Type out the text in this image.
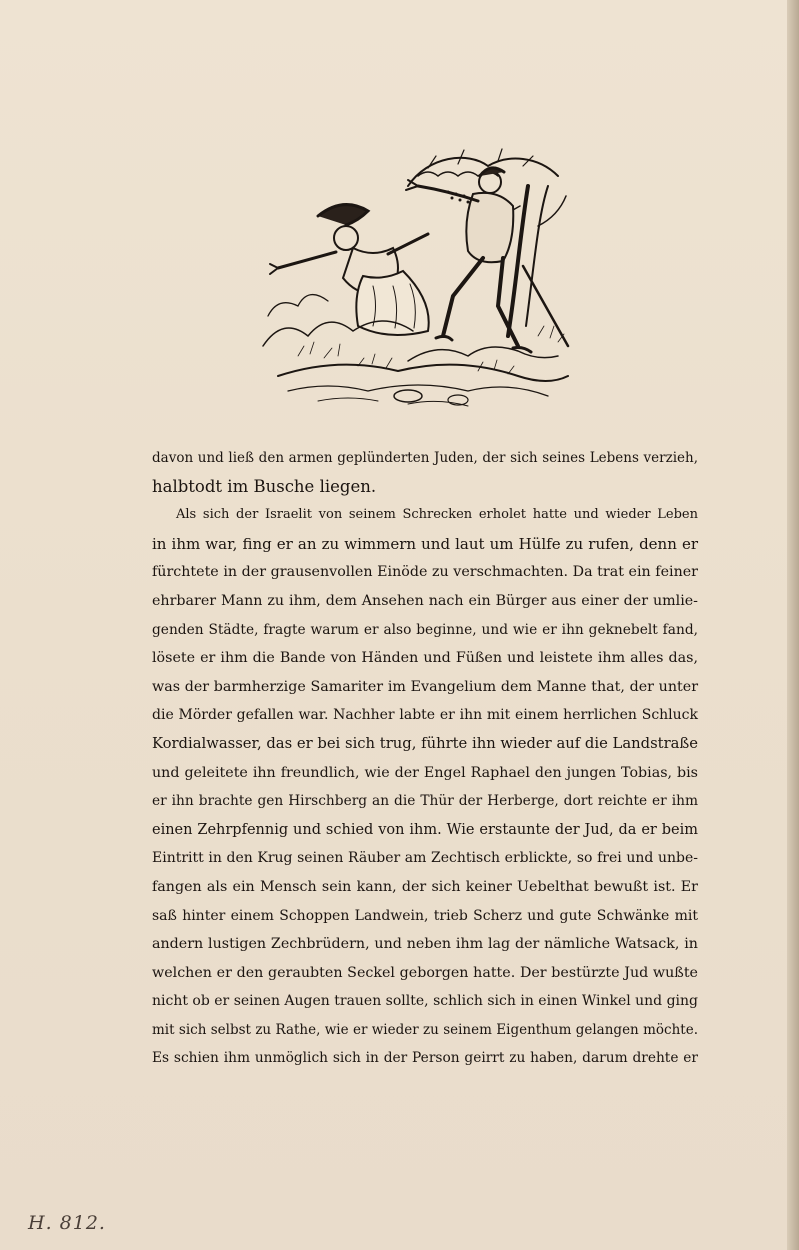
davon und ließ den armen geplünderten Juden, der sich seines Lebens verzieh,
halbtodt im Busche liegen.
Als sich der Israelit von seinem Schrecken erholet hatte und wieder Leben
in ihm war, fing er an zu wimmern und laut um Hülfe zu rufen, denn er
fürchtete in der grausenvollen Einöde zu verschmachten. Da trat ein feiner
ehrbarer Mann zu ihm, dem Ansehen nach ein Bürger aus einer der umlie-
genden Städte, fragte warum er also beginne, und wie er ihn geknebelt fand,
lösete er ihm die Bande von Händen und Füßen und leistete ihm alles das,
was der barmherzige Samariter im Evangelium dem Manne that, der unter
die Mörder gefallen war. Nachher labte er ihn mit einem herrlichen Schluck
Kordialwasser, das er bei sich trug, führte ihn wieder auf die Landstraße
und geleitete ihn freundlich, wie der Engel Raphael den jungen Tobias, bis
er ihn brachte gen Hirschberg an die Thür der Herberge, dort reichte er ihm
einen Zehrpfennig und schied von ihm. Wie erstaunte der Jud, da er beim
Eintritt in den Krug seinen Räuber am Zechtisch erblickte, so frei und unbe-
fangen als ein Mensch sein kann, der sich keiner Uebelthat bewußt ist. Er
saß hinter einem Schoppen Landwein, trieb Scherz und gute Schwänke mit
andern lustigen Zechbrüdern, und neben ihm lag der nämliche Watsack, in
welchen er den geraubten Seckel geborgen hatte. Der bestürzte Jud wußte
nicht ob er seinen Augen trauen sollte, schlich sich in einen Winkel und ging
mit sich selbst zu Rathe, wie er wieder zu seinem Eigenthum gelangen möchte.
Es schien ihm unmöglich sich in der Person geirrt zu haben, darum drehte er
H. 812.
